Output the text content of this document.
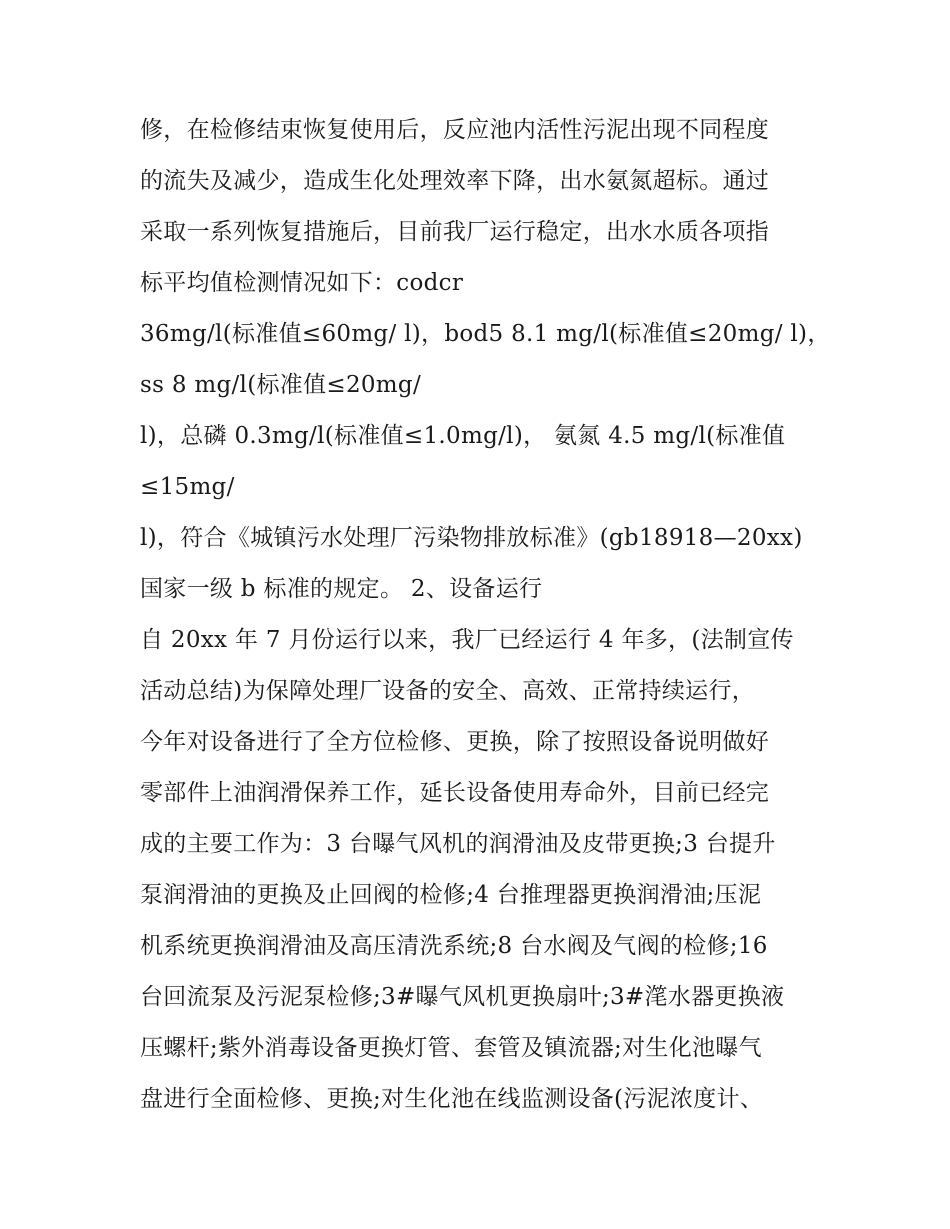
修，在检修结束恢复使用后，反应池内活性污泥出现不同程度
的流失及减少，造成生化处理效率下降，出水氨氮超标。通过
采取一系列恢复措施后，目前我厂运行稳定，出水水质各项指
标平均值检测情况如下：codcr
36mg/l(标准值≤60mg/ l)，bod5 8.1 mg/l(标准值≤20mg/ l)，
ss 8 mg/l(标准值≤20mg/
l)，总磷 0.3mg/l(标准值≤1.0mg/l)， 氨氮 4.5 mg/l(标准值
≤15mg/
l)，符合《城镇污水处理厂污染物排放标准》(gb18918—20xx)
国家一级 b 标准的规定。 2、设备运行
自 20xx 年 7 月份运行以来，我厂已经运行 4 年多，(法制宣传
活动总结)为保障处理厂设备的安全、高效、正常持续运行，
今年对设备进行了全方位检修、更换，除了按照设备说明做好
零部件上油润滑保养工作，延长设备使用寿命外，目前已经完
成的主要工作为：3 台曝气风机的润滑油及皮带更换;3 台提升
泵润滑油的更换及止回阀的检修;4 台推理器更换润滑油;压泥
机系统更换润滑油及高压清洗系统;8 台水阀及气阀的检修;16
台回流泵及污泥泵检修;3#曝气风机更换扇叶;3#滗水器更换液
压螺杆;紫外消毒设备更换灯管、套管及镇流器;对生化池曝气
盘进行全面检修、更换;对生化池在线监测设备(污泥浓度计、
